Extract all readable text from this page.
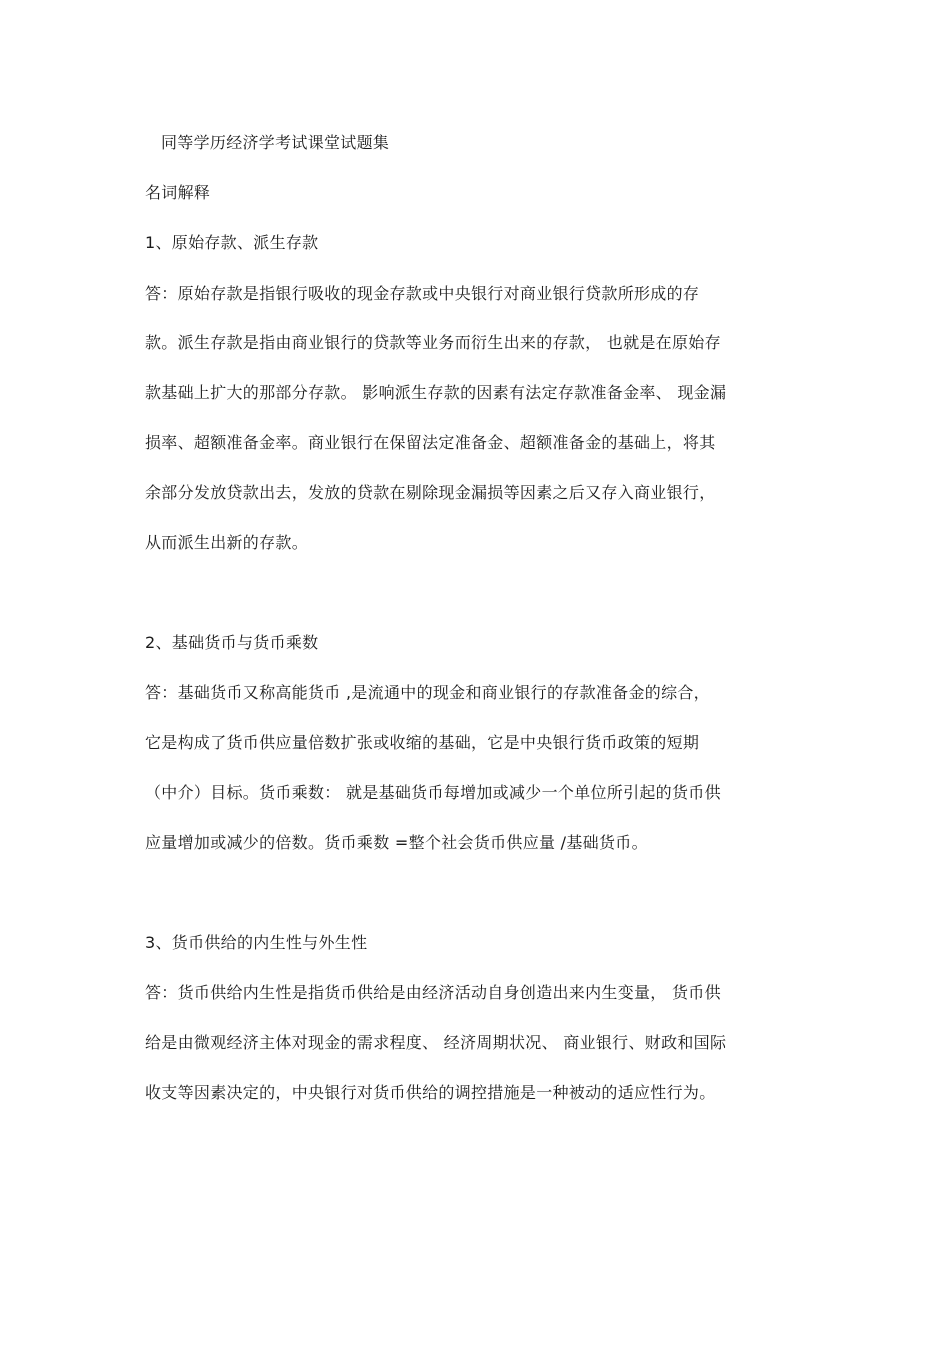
同等学历经济学考试课堂试题集
名词解释
1、原始存款、派生存款
答：原始存款是指银行吸收的现金存款或中央银行对商业银行贷款所形成的存
款。派生存款是指由商业银行的贷款等业务而衍生出来的存款， 也就是在原始存
款基础上扩大的那部分存款。 影响派生存款的因素有法定存款准备金率、 现金漏
损率、超额准备金率。商业银行在保留法定准备金、超额准备金的基础上，将其
余部分发放贷款出去，发放的贷款在剔除现金漏损等因素之后又存入商业银行，
从而派生出新的存款。
2、基础货币与货币乘数
答：基础货币又称高能货币 ,是流通中的现金和商业银行的存款准备金的综合，
它是构成了货币供应量倍数扩张或收缩的基础，它是中央银行货币政策的短期
（中介）目标。货币乘数： 就是基础货币每增加或减少一个单位所引起的货币供
应量增加或减少的倍数。货币乘数 =整个社会货币供应量 /基础货币。
3、货币供给的内生性与外生性
答：货币供给内生性是指货币供给是由经济活动自身创造出来内生变量， 货币供
给是由微观经济主体对现金的需求程度、 经济周期状况、 商业银行、财政和国际
收支等因素决定的，中央银行对货币供给的调控措施是一种被动的适应性行为。
